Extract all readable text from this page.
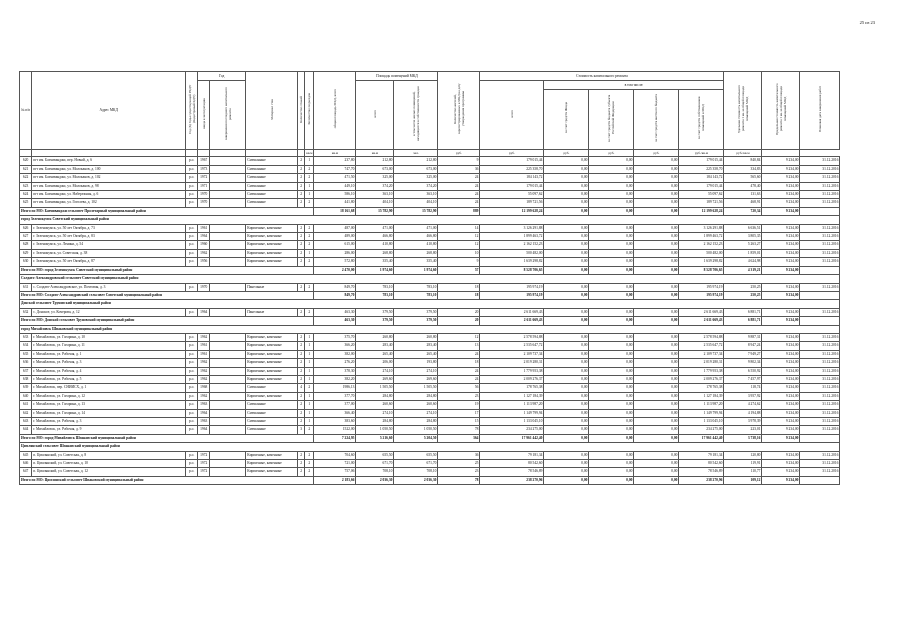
25 из 23
№ п/п	Адрес МКД	Год (Б) Годы существующей РКДУ (Кадастровый КДУ)	Год		Материал стен	Количество этажей	Количество подъездов	общая площадь МКД, всего	Площадь помещений МКД		Количество жителей, зарегистрированных в МКД на дату утверждения программы	Стоимость капитального ремонта					Удельная стоимость капитального ремонта 1 кв. м общей площади помещений МКД	Предельная стоимость капитального ремонта 1 кв. м общей площади помещений МКД	Плановая дата завершения работ
			ввода в эксплуатацию	завершения последнего капитального ремонта					всего	в том числе жилых помещений, находящихся в собственности граждан		всего	в том числе:						
													за счет средств Фонда	за счет средств бюджета субъекта Российской Федерации	за счет средств местного бюджета	за счет средств собственников помещений в МКД			
							кв.м	кв.м	кв.м	чел.	руб.	руб.	руб.	руб.	руб.	руб./кв.м	руб./кв.м		
620	пгт им. Бахчиванджи, пер. Новый, д. 6	р.о.	1967		Смешанные	2	1	237,80	212,80	212,80	9	179 015,44	0,00	0,00	0,00	179 015,44	840,84	9 234,00	31.12.2016
621	пгт им. Бахчиванджи, ул. Молоканов, д. 100	р.о.	1973		Смешанные	2	2	747,70	673,00	673,00	36	225 358,70	0,00	0,00	0,00	225 358,70	334,83	9 234,00	31.12.2016
622	пгт им. Бахчиванджи, ул. Молоканов, д. 102	р.о.	1972		Смешанные	2	2	471,50	325,00	325,00	24	184 143,72	0,00	0,00	0,00	184 143,72	565,60	9 234,00	31.12.2016
623	пгт им. Бахчиванджи, ул. Молоканов, д. 98	р.о.	1971		Смешанные	2	1	449,10	374,20	374,20	24	179 015,44	0,00	0,00	0,00	179 015,44	478,40	9 234,00	31.12.2016
624	пгт им. Бахчиванджи, ул. Набережная, д. 6	р.о.	1970		Смешанные	2	1	586,10	363,10	363,10	24	55 097,62	0,00	0,00	0,00	55 097,62	131,63	9 234,00	31.12.2016
625	пгт им. Бахчиванджи, ул. Гоголева, д. 102	р.о.	1970		Смешанные	2	2	441,80	404,10	404,10	24	189 721,56	0,00	0,00	0,00	189 721,56	468,91	9 234,00	31.12.2016
Итого по МО: Бахчиванджи сельсовет Пролетарный муниципальный район								18 161,68	15 782,90	15 782,90	889	12 199 628,24	0,00	0,00	0,00	12 199 628,24	720,34	9 234,00	
город Зеленокумск Советский муниципальный район																			
626	г. Зеленокумск, ул. 50 лет Октября, д. 73	р.о.	1961		Кирпичные, каменные	2	2	487,00	471,00	471,00	14	3 126 291,88	0,00	0,00	0,00	3 126 291,88	6 636,51	9 234,00	31.12.2016
627	г. Зеленокумск, ул. 50 лет Октября, д. 83	р.о.	1964		Кирпичные, каменные	2	2	489,00	466,80	466,80	12	1 899 463,72	0,00	0,00	0,00	1 899 463,72	3 805,35	9 234,00	31.12.2016
628	г. Зеленокумск, ул. Ленина, д. 54	р.о.	1960		Кирпичные, каменные	2	2	615,00	410,80	410,80	12	2 162 152,23	0,00	0,00	0,00	2 162 152,23	5 263,27	9 234,00	31.12.2016
629	г. Зеленокумск, ул. Советская, д. 38	р.о.	1962		Кирпичные, каменные	2	1	286,00	268,80	268,80	10	500 482,00	0,00	0,00	0,00	500 482,00	1 859,01	9 234,00	31.12.2016
630	г. Зеленокумск, ул. 50 лет Октября, д. 87	р.о.	1956		Кирпичные, каменные	2	2	572,80	355,40	355,40	9	1 639 298,82	0,00	0,00	0,00	1 639 298,82	4 624,98	9 234,00	31.12.2016
Итого по МО: город Зеленокумск Советский муниципальный район								2 470,00	1 974,60	1 974,60	57	8 528 706,65	0,00	0,00	0,00	8 528 706,65	4 319,21	9 234,00	
Солдато-Александровский сельсовет Советский муниципальный район																			
631	с. Солдато-Александровское, ул. Почтовая, д. 3	р.о.	1970		Панельные	2	2	849,70	783,10	783,10	18	195 974,19	0,00	0,00	0,00	195 974,19	250,25	9 234,00	31.12.2016
Итого по МО: Солдато-Александровский сельсовет Советский муниципальный район								849,70	783,10	783,10	18	195 974,19	0,00	0,00	0,00	195 974,19	250,25	9 234,00	
Донской сельсовет Труновский муниципальный район																			
632	с. Донское, ул. Кочерова, д. 12	р.о.	1964		Панельные	2	2	463,30	379,50	379,50	20	2 611 669,43	0,00	0,00	0,00	2 611 669,43	6 881,71	9 234,00	31.12.2016
Итого по МО: Донской сельсовет Труновский муниципальный район								463,30	379,50	379,50	20	2 611 669,43	0,00	0,00	0,00	2 611 669,43	6 881,71	9 234,00	
город Михайловск Шпаковский муниципальный район																			
633	г. Михайловск, ул. Гагарина, д. 10	р.о.	1962		Кирпичные, каменные	2	1	375,70	260,80	260,80	12	2 578 594,88	0,00	0,00	0,00	2 578 594,88	9 887,31	9 234,00	31.12.2016
634	г. Михайловск, ул. Гагарина, д. 11	р.о.	1961		Кирпичные, каменные	2	1	366,20	283,40	283,40	13	2 535 647,72	0,00	0,00	0,00	2 535 647,72	8 947,24	9 234,00	31.12.2016
635	г. Михайловск, ул. Рабочая, д. 1	р.о.	1961		Кирпичные, каменные	2	1	382,00	265,40	265,40	24	2 109 737,34	0,00	0,00	0,00	2 109 737,34	7 949,27	9 234,00	31.12.2016
636	г. Михайловск, ул. Рабочая, д. 3	р.о.	1962		Кирпичные, каменные	2	1	276,20	206,00	193,80	18	2 019 280,31	0,00	0,00	0,00	2 019 280,31	9 802,34	9 234,00	31.12.2016
637	г. Михайловск, ул. Рабочая, д. 4	р.о.	1962		Кирпичные, каменные	2	1	378,30	274,10	274,10	24	1 779 953,38	0,00	0,00	0,00	1 779 953,38	6 550,92	9 234,00	31.12.2016
638	г. Михайловск, ул. Рабочая, д. 5	р.о.	1962		Кирпичные, каменные	2	1	382,20	269,60	269,60	24	2 009 276,37	0,00	0,00	0,00	2 009 276,37	7 457,97	9 234,00	31.12.2016
639	г. Михайловск, пер. СНИИСХ, д. 1	р.о.	1968		Смешанные	4	2	1986,13	1 505,50	1 505,50	56	178 765,38	0,00	0,00	0,00	178 765,38	118,74	9 234,00	31.12.2016
640	г. Михайловск, ул. Гагарина, д. 12	р.о.	1962		Кирпичные, каменные	2	1	377,70	284,80	284,80	23	1 127 184,39	0,00	0,00	0,00	1 127 184,39	3 957,92	9 234,00	31.12.2016
641	г. Михайловск, ул. Гагарина, д. 13	р.о.	1963		Смешанные	2	1	377,00	260,60	260,60	19	1 113 987,20	0,00	0,00	0,00	1 113 987,20	4 274,62	9 234,00	31.12.2016
642	г. Михайловск, ул. Гагарина, д. 14	р.о.	1964		Смешанные	2	1	366,40	274,10	274,10	17	1 149 799,94	0,00	0,00	0,00	1 149 799,94	4 194,88	9 234,00	31.12.2016
643	г. Михайловск, ул. Рабочая, д. 3	р.о.	1963		Смешанные	2	1	383,60	284,80	284,80	15	1 133 045,10	0,00	0,00	0,00	1 133 045,10	3 978,39	9 234,00	31.12.2016
644	г. Михайловск, ул. Рабочая, д. 9	р.о.	1964		Смешанные	3	2	1522,00	1 050,50	1 050,50	78	234 275,00	0,00	0,00	0,00	234 275,00	223,01	9 234,00	31.12.2016
Итого по МО: город Михайловск Шпаковский муниципальный район								7 224,95	5 216,60	5 204,50	364	17 961 442,40	0,00	0,00	0,00	17 961 442,40	3 738,16	9 234,00	
Цимлянский сельсовет Шпаковский муниципальный район																			
645	п. Цимлянский, ул. Советская, д. 8	р.о.	1972		Кирпичные, каменные	2	2	704,60	655,50	655,50	36	79 181,34	0,00	0,00	0,00	79 181,34	120,80	9 234,00	31.12.2016
646	п. Цимлянский, ул. Советская, д. 10	р.о.	1972		Кирпичные, каменные	2	2	721,00	671,70	671,70	25	80 542,60	0,00	0,00	0,00	80 542,60	119,91	9 234,00	31.12.2016
647	п. Цимлянский, ул. Советская, д. 12	р.о.	1972		Кирпичные, каменные	2	2	757,06	708,10	708,10	23	78 546,89	0,00	0,00	0,00	78 546,89	110,77	9 234,00	31.12.2016
Итого по МО: Цимлянский сельсовет Шпаковский муниципальный район								2 183,66	2 036,30	2 036,30	78	238 270,96	0,00	0,00	0,00	238 270,96	109,12	9 234,00	
